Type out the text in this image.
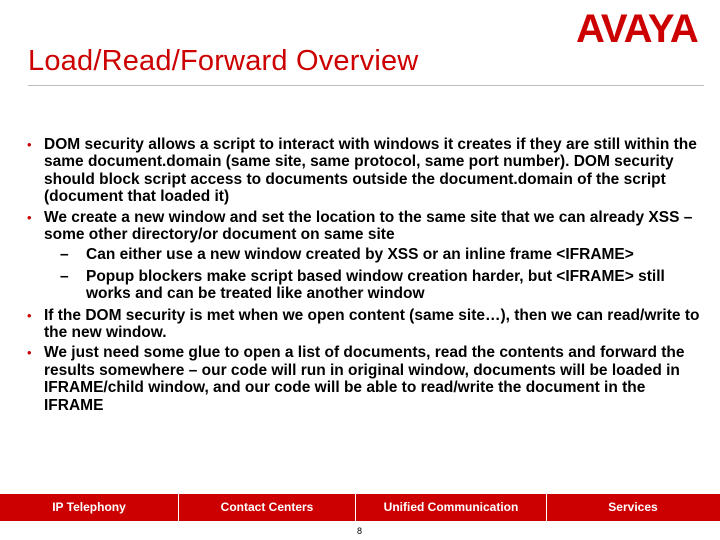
AVAYA
Load/Read/Forward Overview
• DOM security allows a script to interact with windows it creates if they are still within the same document.domain (same site, same protocol, same port number). DOM security should block script access to documents outside the document.domain of the script (document that loaded it)
• We create a new window and set the location to the same site that we can already XSS – some other directory/or document on same site
– Can either use a new window created by XSS or an inline frame <IFRAME>
– Popup blockers make script based window creation harder, but <IFRAME> still works and can be treated like another window
• If the DOM security is met when we open content (same site…), then we can read/write to the new window.
• We just need some glue to open a list of documents, read the contents and forward the results somewhere – our code will run in original window, documents will be loaded in IFRAME/child window, and our code will be able to read/write the document in the IFRAME
IP Telephony	Contact Centers	Unified Communication	Services
8
